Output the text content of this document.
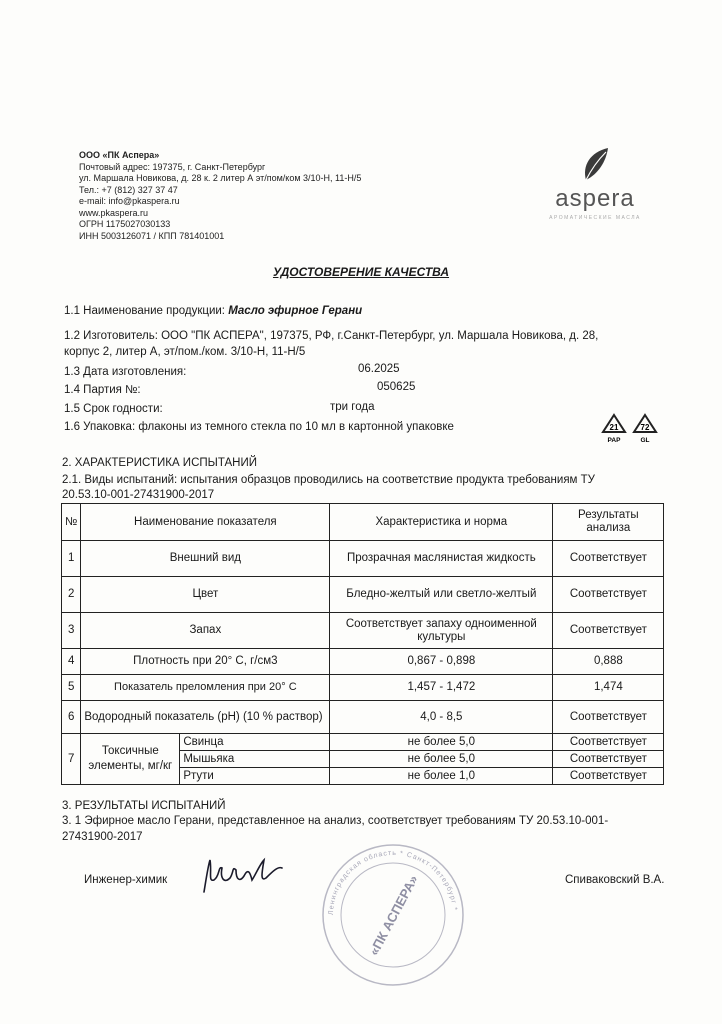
ООО «ПК Аспера»
Почтовый адрес: 197375, г. Санкт-Петербург
ул. Маршала Новикова, д. 28 к. 2 литер А эт/пом/ком 3/10-Н, 11-Н/5
Тел.: +7 (812) 327 37 47
e-mail: info@pkaspera.ru
www.pkaspera.ru
ОГРН 1175027030133
ИНН 5003126071 / КПП 781401001
aspera
АРОМАТИЧЕСКИЕ МАСЛА
УДОСТОВЕРЕНИЕ КАЧЕСТВА
1.1 Наименование продукции: Масло эфирное Герани
1.2 Изготовитель: ООО "ПК АСПЕРА", 197375, РФ, г.Санкт-Петербург, ул. Маршала Новикова, д. 28,
корпус 2, литер А, эт/пом./ком. 3/10-Н, 11-Н/5
1.3 Дата изготовления:	06.2025
1.4 Партия №:	050625
1.5 Срок годности:	три года
1.6 Упаковка: флаконы из темного стекла по 10 мл в картонной упаковке	21
PAP
72
GL
2. ХАРАКТЕРИСТИКА ИСПЫТАНИЙ
2.1. Виды испытаний: испытания образцов проводились на соответствие продукта требованиям ТУ
20.53.10-001-27431900-2017
№	Наименование показателя		Характеристика и норма	Результаты анализа
1	Внешний вид		Прозрачная маслянистая жидкость	Соответствует
2	Цвет		Бледно-желтый или светло-желтый	Соответствует
3	Запах		Соответствует запаху одноименной культуры	Соответствует
4	Плотность при 20° С, г/см3		0,867 - 0,898	0,888
5	Показатель преломления при 20° С		1,457 - 1,472	1,474
6	Водородный показатель (pH) (10 % раствор)		4,0 - 8,5	Соответствует
7	Токсичные элементы, мг/кг	Свинца	не более 5,0	Соответствует
		Мышьяка	не более 5,0	Соответствует
		Ртути	не более 1,0	Соответствует
3. РЕЗУЛЬТАТЫ ИСПЫТАНИЙ
3. 1 Эфирное масло Герани, представленное на анализ, соответствует требованиям ТУ 20.53.10-001-
27431900-2017
Инженер-химик
Ленинградская область * Санкт-Петербург *
«ПК АСПЕРА»	Спиваковский В.А.
